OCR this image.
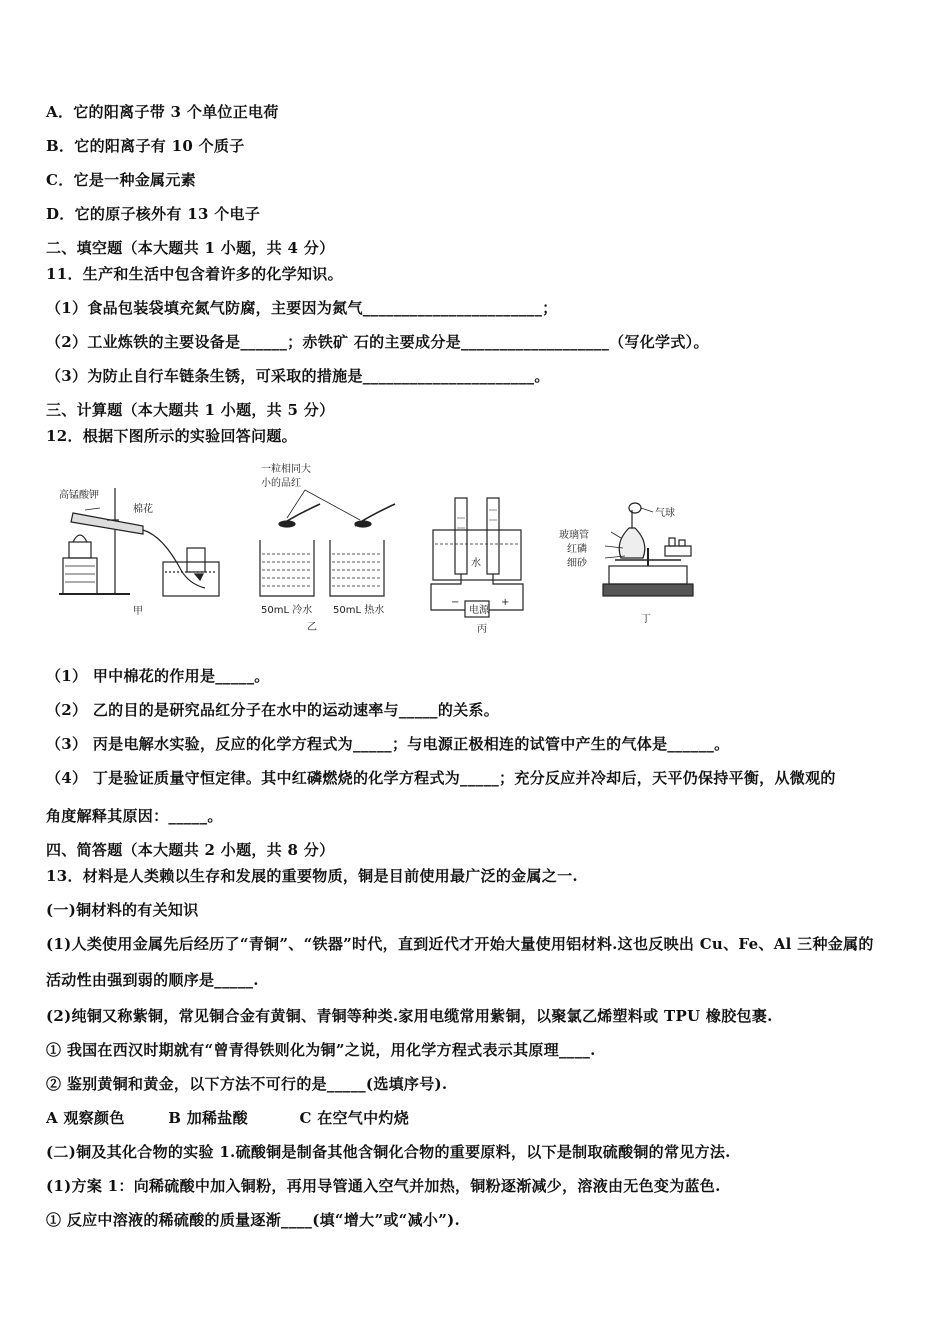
A．它的阳离子带 3 个单位正电荷
B．它的阳离子有 10 个质子
C．它是一种金属元素
D．它的原子核外有 13 个电子
二、填空题（本大题共 1 小题，共 4 分）
11．生产和生活中包含着许多的化学知识。
（1）食品包装袋填充氮气防腐，主要因为氮气_______________________；
（2）工业炼铁的主要设备是______；赤铁矿 石的主要成分是___________________（写化学式）。
（3）为防止自行车链条生锈，可采取的措施是______________________。
三、计算题（本大题共 1 小题，共 5 分）
12．根据下图所示的实验回答问题。
高锰酸钾
棉花
甲
一粒相同大
小的品红
50mL 冷水 50mL 热水
乙
电源
−	+
水
丙
气球
玻璃管
红磷
细砂
丁
（1） 甲中棉花的作用是_____。
（2） 乙的目的是研究品红分子在水中的运动速率与_____的关系。
（3） 丙是电解水实验，反应的化学方程式为_____；与电源正极相连的试管中产生的气体是______。
（4） 丁是验证质量守恒定律。其中红磷燃烧的化学方程式为_____；充分反应并冷却后，天平仍保持平衡，从微观的
角度解释其原因：_____。
四、简答题（本大题共 2 小题，共 8 分）
13．材料是人类赖以生存和发展的重要物质，铜是目前使用最广泛的金属之一.
(一)铜材料的有关知识
(1)人类使用金属先后经历了“青铜”、“铁器”时代，直到近代才开始大量使用铝材料.这也反映出 Cu、Fe、Al 三种金属的
活动性由强到弱的顺序是_____.
(2)纯铜又称紫铜，常见铜合金有黄铜、青铜等种类.家用电缆常用紫铜，以聚氯乙烯塑料或 TPU 橡胶包裹.
① 我国在西汉时期就有“曾青得铁则化为铜”之说，用化学方程式表示其原理____.
② 鉴别黄铜和黄金，以下方法不可行的是_____(选填序号).
A 观察颜色	B 加稀盐酸	C 在空气中灼烧
(二)铜及其化合物的实验 1.硫酸铜是制备其他含铜化合物的重要原料，以下是制取硫酸铜的常见方法.
(1)方案 1：向稀硫酸中加入铜粉，再用导管通入空气并加热，铜粉逐渐减少，溶液由无色变为蓝色.
① 反应中溶液的稀硫酸的质量逐渐____(填“增大”或“减小”).
